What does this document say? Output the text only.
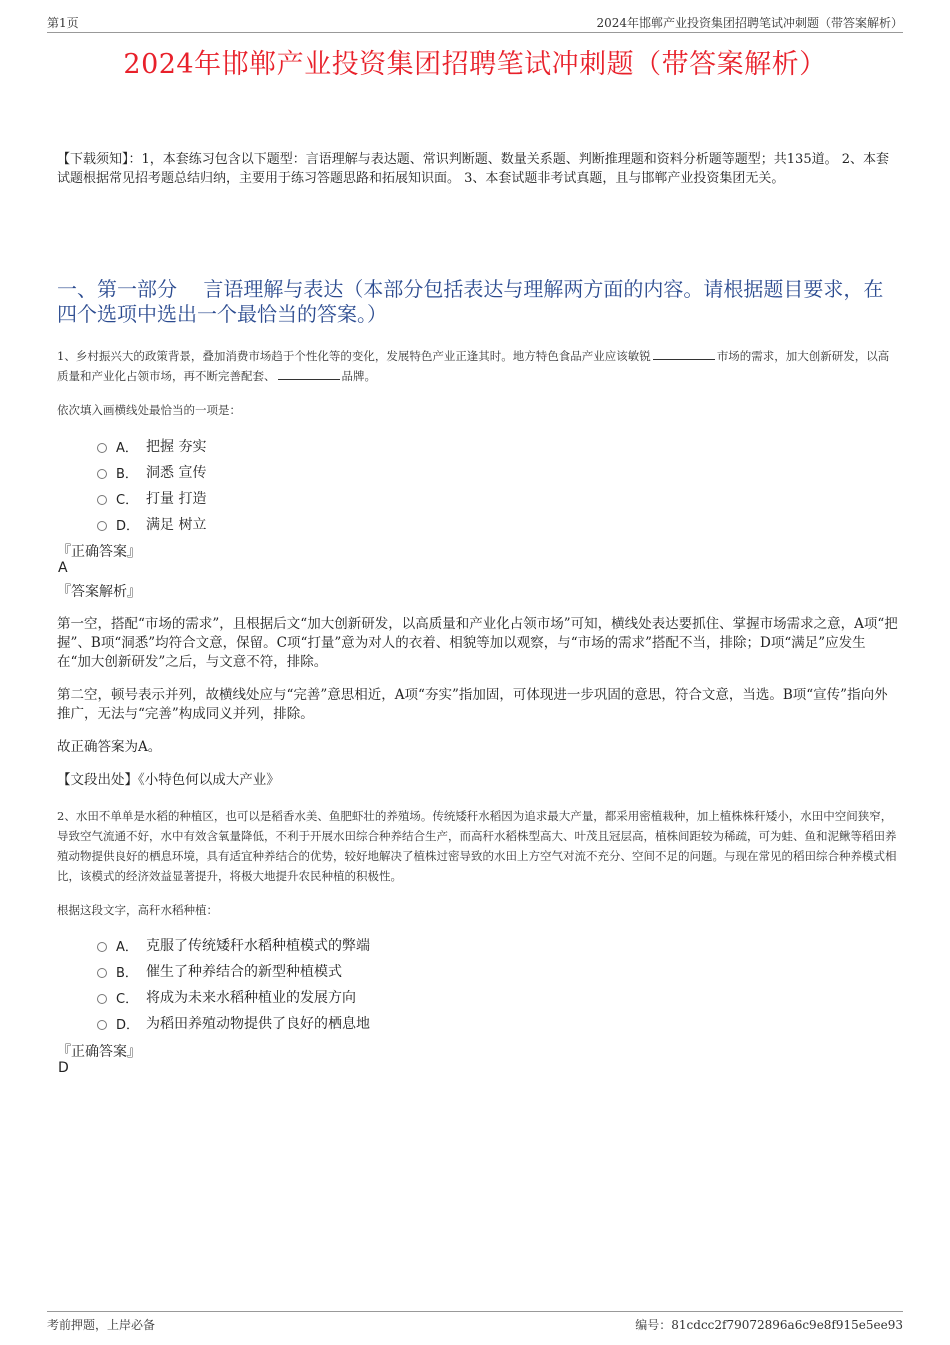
第1页	2024年邯郸产业投资集团招聘笔试冲刺题（带答案解析）
2024年邯郸产业投资集团招聘笔试冲刺题（带答案解析）
【下载须知】：1，本套练习包含以下题型：言语理解与表达题、常识判断题、数量关系题、判断推理题和资料分析题等题型；共135道。 2、本套试题根据常见招考题总结归纳，主要用于练习答题思路和拓展知识面。 3、本套试题非考试真题，且与邯郸产业投资集团无关。
一、第一部分　 言语理解与表达（本部分包括表达与理解两方面的内容。请根据题目要求，在四个选项中选出一个最恰当的答案。）
1、乡村振兴大的政策背景，叠加消费市场趋于个性化等的变化，发展特色产业正逢其时。地方特色食品产业应该敏锐	市场的需求，加大创新研发，以高质量和产业化占领市场，再不断完善配套、	品牌。
依次填入画横线处最恰当的一项是：
A． 把握 夯实
B． 洞悉 宣传
C． 打量 打造
D． 满足 树立
『正确答案』
A
『答案解析』
第一空，搭配“市场的需求”，且根据后文“加大创新研发，以高质量和产业化占领市场”可知，横线处表达要抓住、掌握市场需求之意，A项“把握”、B项“洞悉”均符合文意，保留。C项“打量”意为对人的衣着、相貌等加以观察，与“市场的需求”搭配不当，排除；D项“满足”应发生在“加大创新研发”之后，与文意不符，排除。
第二空，顿号表示并列，故横线处应与“完善”意思相近，A项“夯实”指加固，可体现进一步巩固的意思，符合文意，当选。B项“宣传”指向外推广，无法与“完善”构成同义并列，排除。
故正确答案为A。
【文段出处】《小特色何以成大产业》
2、水田不单单是水稻的种植区，也可以是稻香水美、鱼肥虾壮的养殖场。传统矮秆水稻因为追求最大产量，都采用密植栽种，加上植株株秆矮小，水田中空间狭窄，导致空气流通不好，水中有效含氧量降低，不利于开展水田综合种养结合生产，而高秆水稻株型高大、叶茂且冠层高，植株间距较为稀疏，可为蛙、鱼和泥鳅等稻田养殖动物提供良好的栖息环境，具有适宜种养结合的优势，较好地解决了植株过密导致的水田上方空气对流不充分、空间不足的问题。与现在常见的稻田综合种养模式相比，该模式的经济效益显著提升，将极大地提升农民种植的积极性。
根据这段文字，高秆水稻种植：
A． 克服了传统矮秆水稻种植模式的弊端
B． 催生了种养结合的新型种植模式
C． 将成为未来水稻种植业的发展方向
D． 为稻田养殖动物提供了良好的栖息地
『正确答案』
D
考前押题，上岸必备	编号：81cdcc2f79072896a6c9e8f915e5ee93
